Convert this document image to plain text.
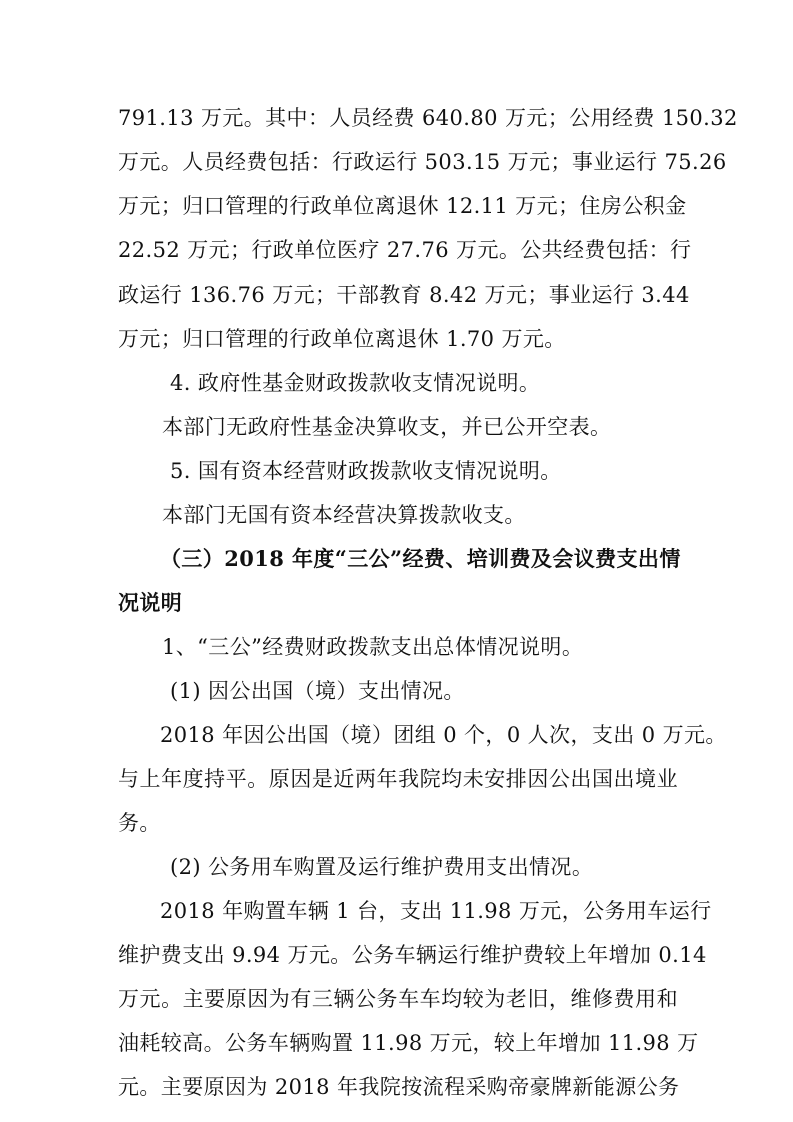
791.13 万元。其中：人员经费 640.80 万元；公用经费 150.32
万元。人员经费包括：行政运行 503.15 万元；事业运行 75.26
万元；归口管理的行政单位离退休 12.11 万元；住房公积金
22.52 万元；行政单位医疗 27.76 万元。公共经费包括：行
政运行 136.76 万元；干部教育 8.42 万元；事业运行 3.44
万元；归口管理的行政单位离退休 1.70 万元。
4. 政府性基金财政拨款收支情况说明。
本部门无政府性基金决算收支，并已公开空表。
5. 国有资本经营财政拨款收支情况说明。
本部门无国有资本经营决算拨款收支。
（三）2018 年度“三公”经费、培训费及会议费支出情
况说明
1、“三公”经费财政拨款支出总体情况说明。
(1) 因公出国（境）支出情况。
2018 年因公出国（境）团组 0 个，0 人次，支出 0 万元。
与上年度持平。原因是近两年我院均未安排因公出国出境业
务。
(2) 公务用车购置及运行维护费用支出情况。
2018 年购置车辆 1 台，支出 11.98 万元，公务用车运行
维护费支出 9.94 万元。公务车辆运行维护费较上年增加 0.14
万元。主要原因为有三辆公务车车均较为老旧，维修费用和
油耗较高。公务车辆购置 11.98 万元，较上年增加 11.98 万
元。主要原因为 2018 年我院按流程采购帝豪牌新能源公务
